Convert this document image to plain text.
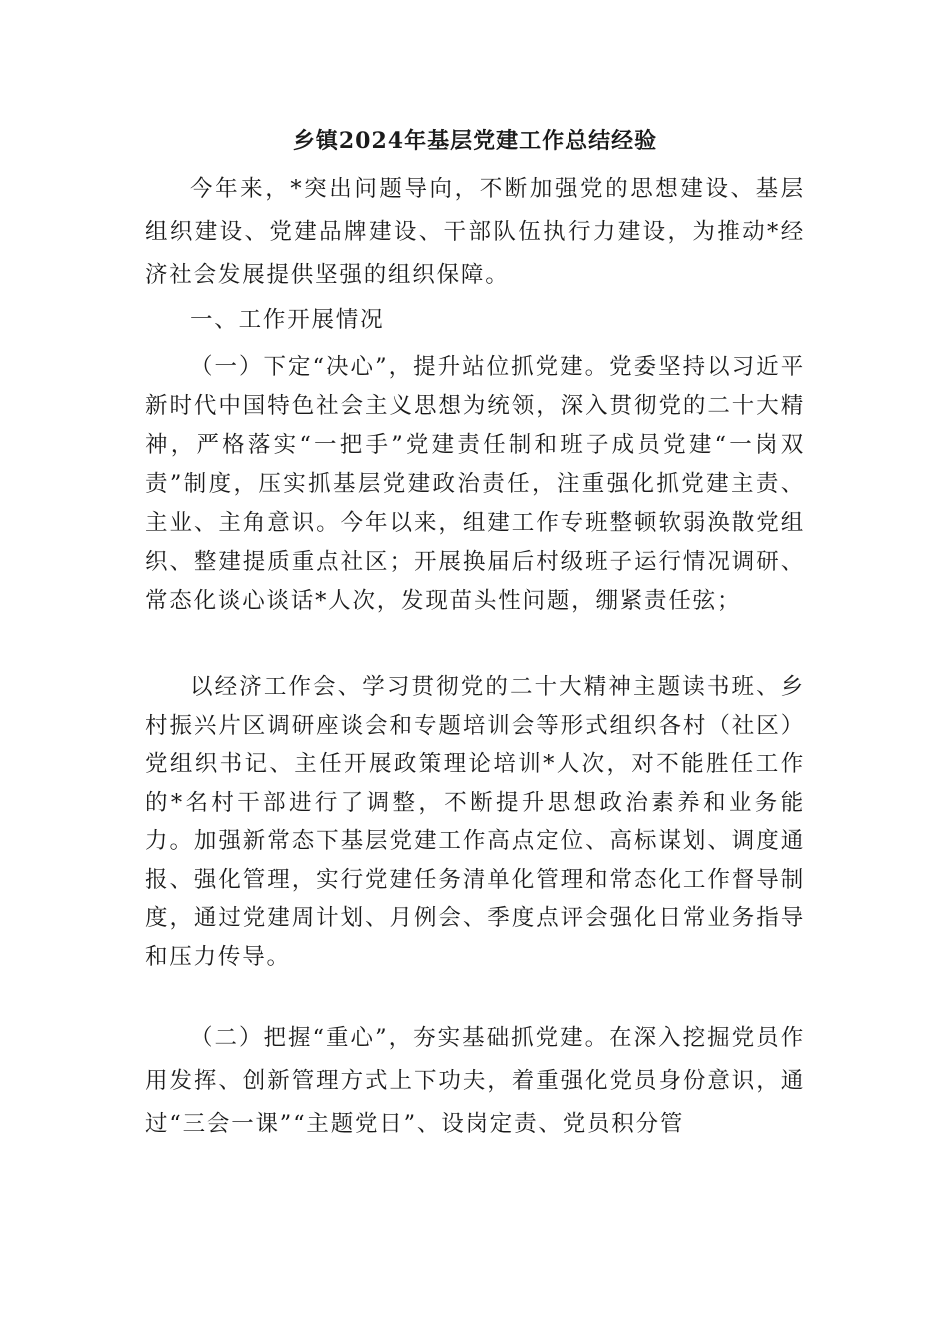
乡镇2024年基层党建工作总结经验

今年来，*突出问题导向，不断加强党的思想建设、基层组织建设、党建品牌建设、干部队伍执行力建设，为推动*经济社会发展提供坚强的组织保障。

一、工作开展情况

（一）下定“决心”，提升站位抓党建。党委坚持以习近平新时代中国特色社会主义思想为统领，深入贯彻党的二十大精神，严格落实“一把手”党建责任制和班子成员党建“一岗双责”制度，压实抓基层党建政治责任，注重强化抓党建主责、主业、主角意识。今年以来，组建工作专班整顿软弱涣散党组织、整建提质重点社区；开展换届后村级班子运行情况调研、常态化谈心谈话*人次，发现苗头性问题，绷紧责任弦；

以经济工作会、学习贯彻党的二十大精神主题读书班、乡村振兴片区调研座谈会和专题培训会等形式组织各村（社区）党组织书记、主任开展政策理论培训*人次，对不能胜任工作的*名村干部进行了调整，不断提升思想政治素养和业务能力。加强新常态下基层党建工作高点定位、高标谋划、调度通报、强化管理，实行党建任务清单化管理和常态化工作督导制度，通过党建周计划、月例会、季度点评会强化日常业务指导和压力传导。

（二）把握“重心”，夯实基础抓党建。在深入挖掘党员作用发挥、创新管理方式上下功夫，着重强化党员身份意识，通过“三会一课”“主题党日”、设岗定责、党员积分管
